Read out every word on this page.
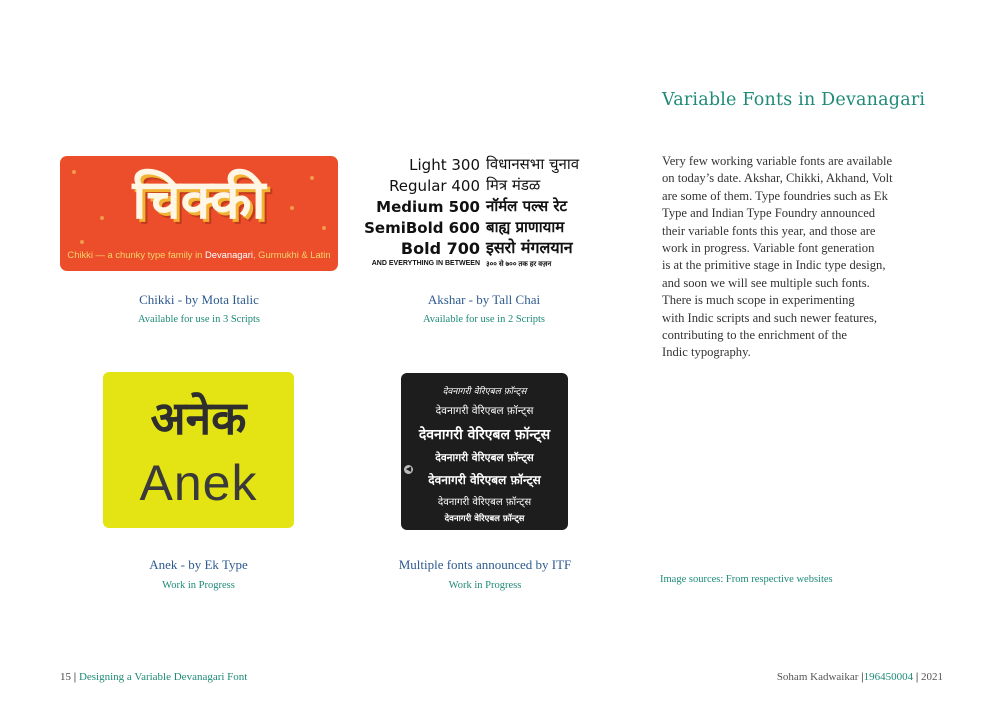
Variable Fonts in Devanagari
Very few working variable fonts are available
on today’s date. Akshar, Chikki, Akhand, Volt
are some of them. Type foundries such as Ek
Type and Indian Type Foundry announced
their variable fonts this year, and those are
work in progress. Variable font generation
is at the primitive stage in Indic type design,
and soon we will see multiple such fonts.
There is much scope in experimenting
with Indic scripts and such newer features,
contributing to the enrichment of the
Indic typography.
Image sources: From respective websites
चिक्की
Chikki — a chunky type family in Devanagari, Gurmukhi & Latin
Chikki - by Mota Italic
Available for use in 3 Scripts
Light 300 विधानसभा चुनाव
Regular 400 मित्र मंडळ
Medium 500 नॉर्मल पल्स रेट
SemiBold 600 बाह्य प्राणायाम
Bold 700 इसरो मंगलयान
AND EVERYTHING IN BETWEEN ३०० से ७०० तक हर वज़न
Akshar - by Tall Chai
Available for use in 2 Scripts
अनेक
Anek
Anek - by Ek Type
Work in Progress
देवनागरी वेरिएबल फ़ॉन्ट्स
देवनागरी वेरिएबल फ़ॉन्ट्स
देवनागरी वेरिएबल फ़ॉन्ट्स
देवनागरी वेरिएबल फ़ॉन्ट्स
देवनागरी वेरिएबल फ़ॉन्ट्स
देवनागरी वेरिएबल फ़ॉन्ट्स
देवनागरी वेरिएबल फ़ॉन्ट्स
◀
Multiple fonts announced by ITF
Work in Progress
15 | Designing a Variable Devanagari Font	Soham Kadwaikar |196450004 | 2021
